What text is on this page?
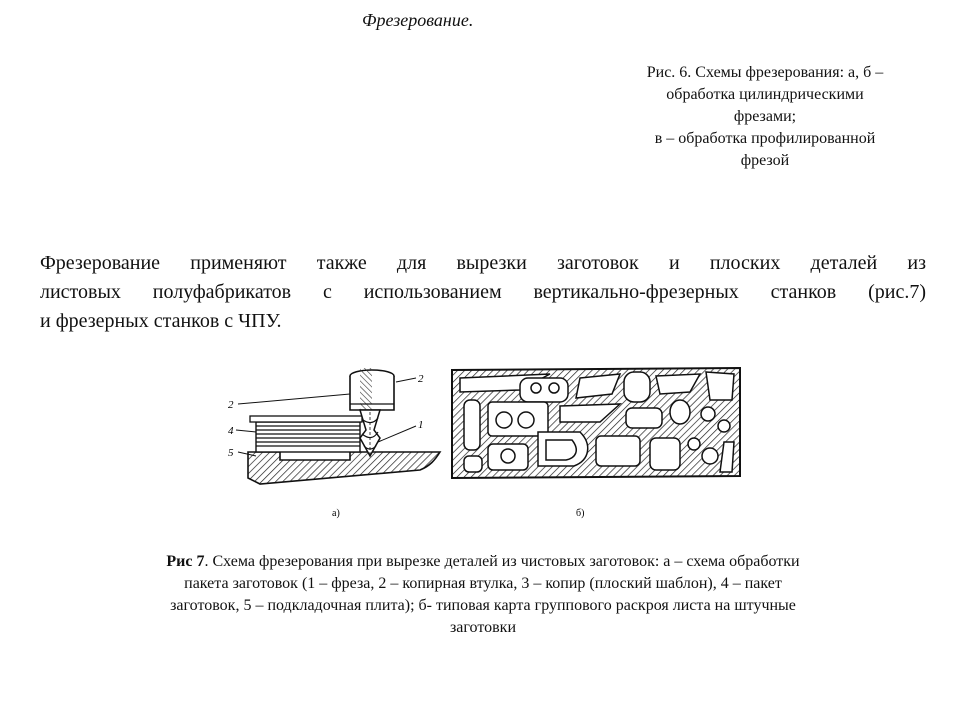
Фрезерование.
Рис. 6. Схемы фрезерования: а, б –
обработка цилиндрическими
фрезами;
в – обработка профилированной
фрезой
Фрезерование применяют также для вырезки заготовок и плоских деталей из
листовых полуфабрикатов с использованием вертикально-фрезерных станков (рис.7)
и фрезерных станков с ЧПУ.
2
2
1
4
5
а)	б)
Рис 7. Схема фрезерования при вырезке деталей из чистовых заготовок: а – схема обработки
пакета заготовок (1 – фреза, 2 – копирная втулка, 3 – копир (плоский шаблон), 4 – пакет
заготовок, 5 – подкладочная плита); б- типовая карта группового раскроя листа на штучные
заготовки
